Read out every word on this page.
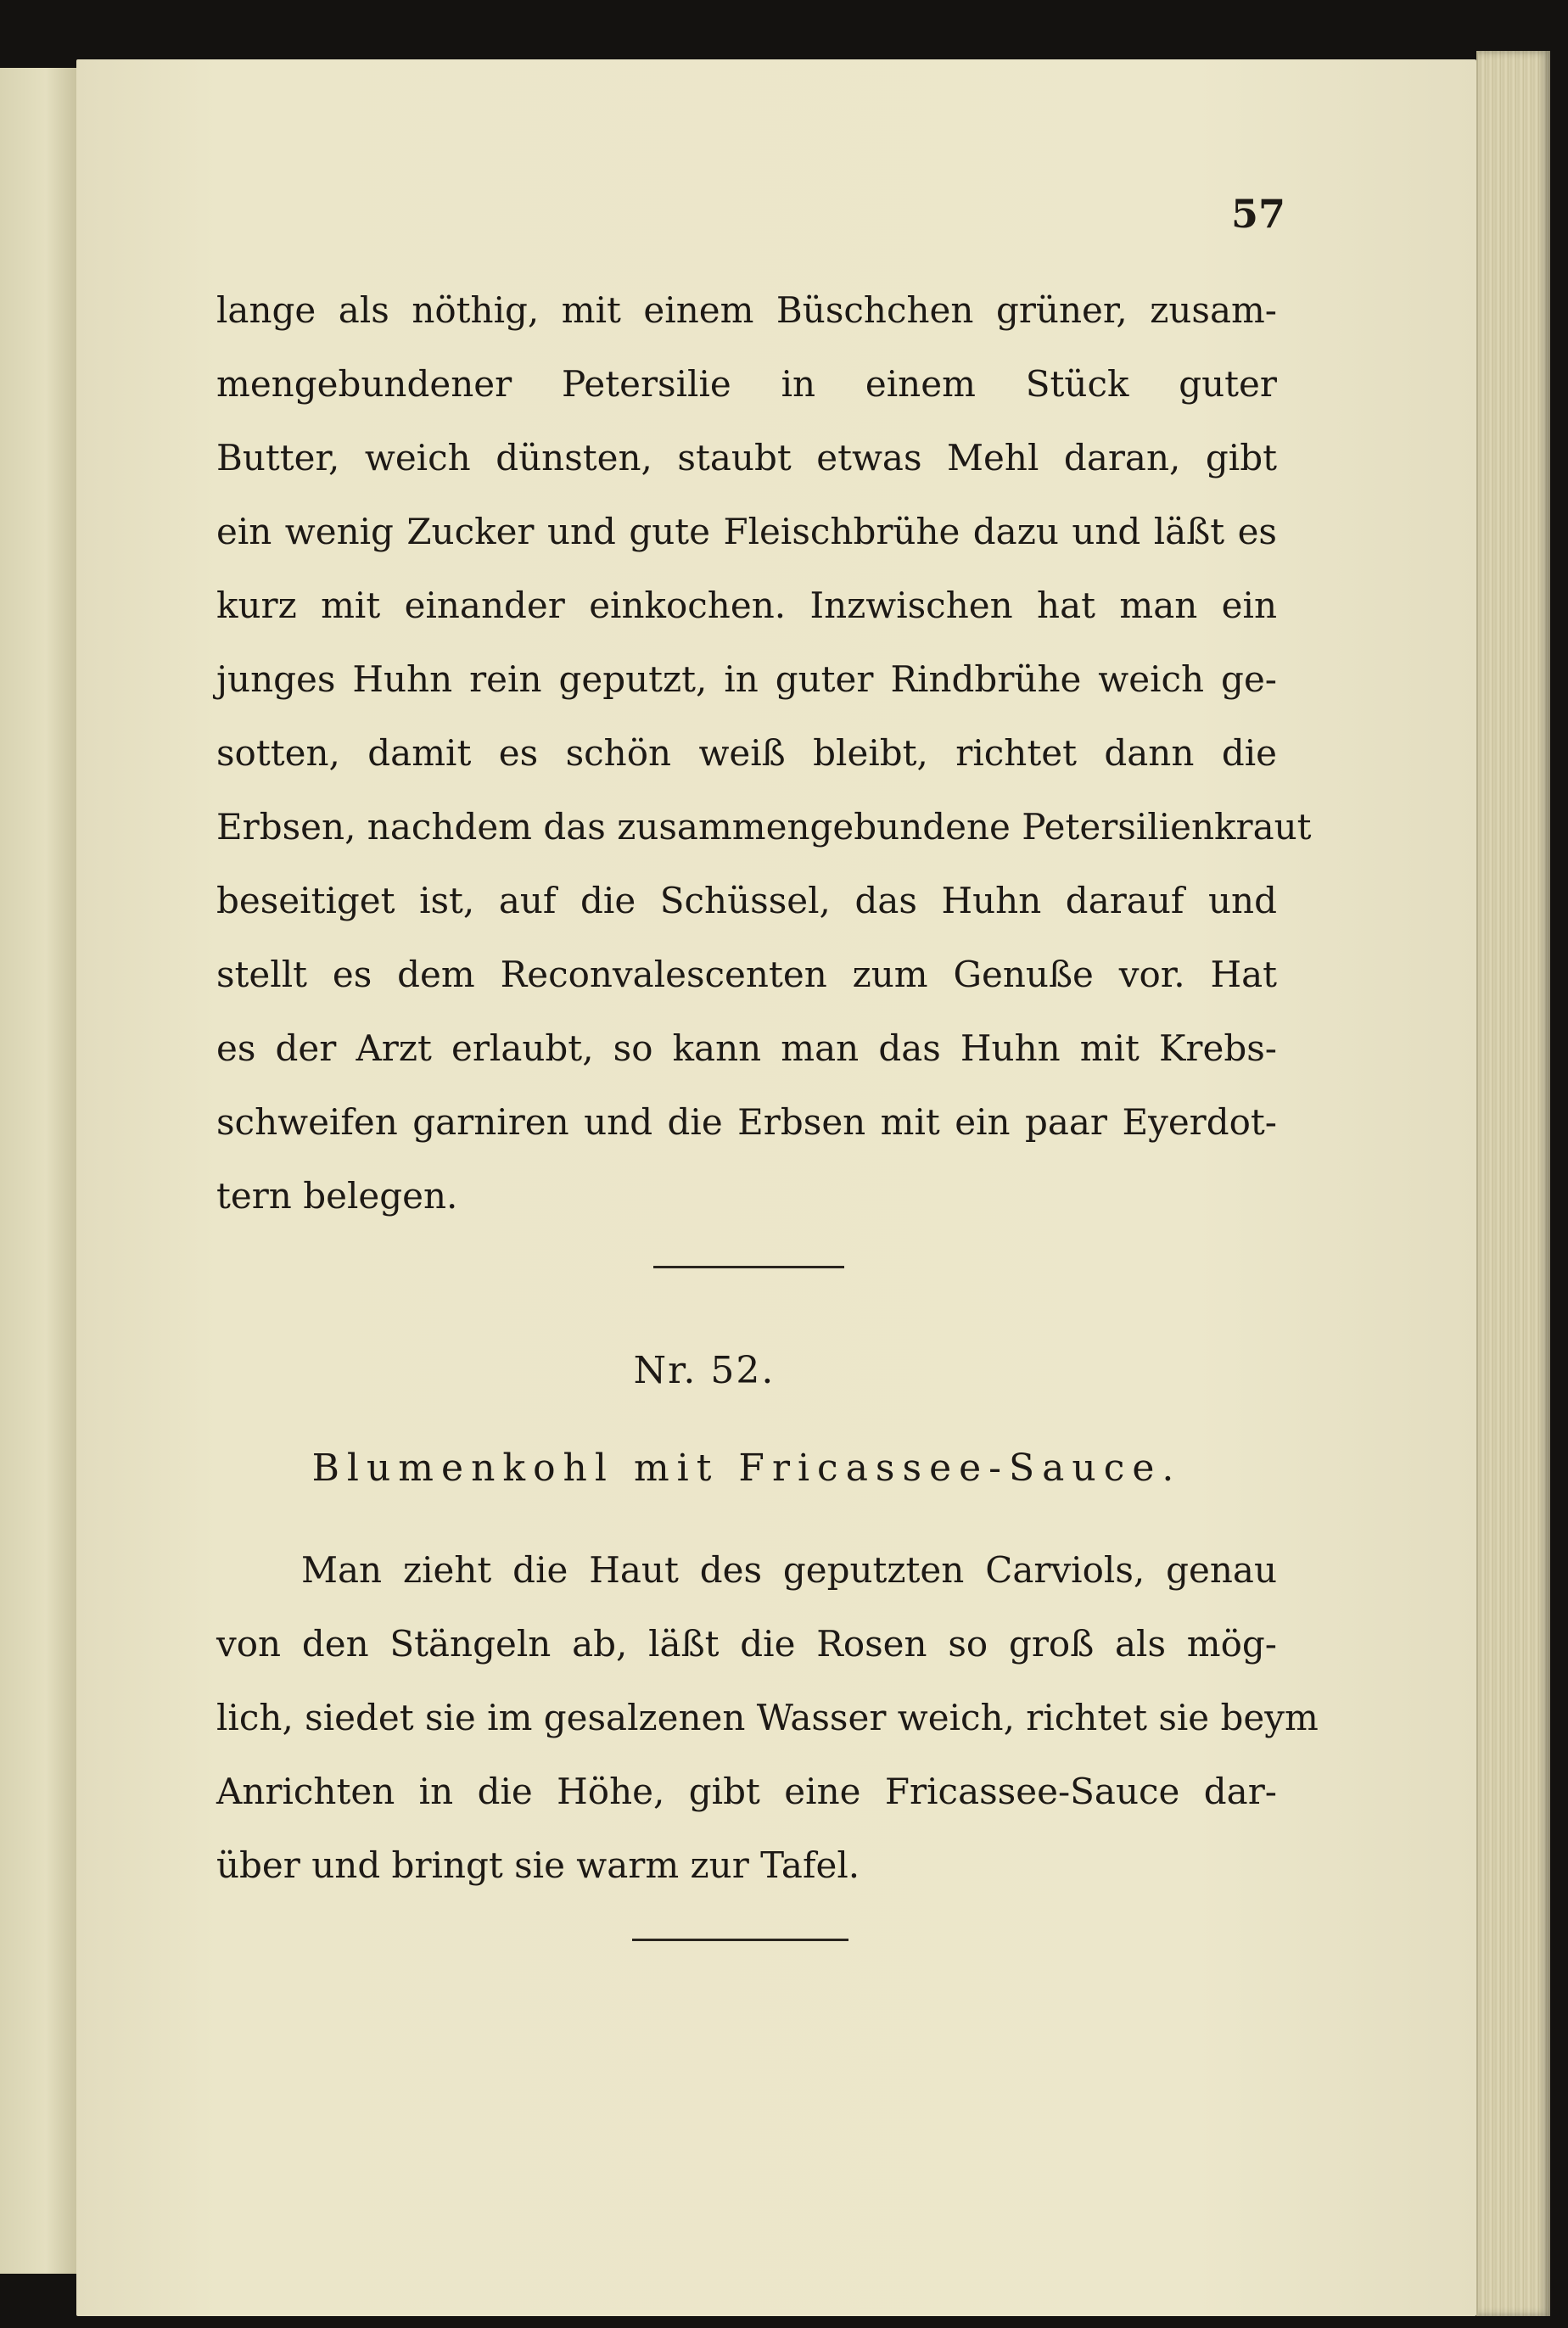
57
lange als nöthig, mit einem Büschchen grüner, zusam-
mengebundener Petersilie in einem Stück guter
Butter, weich dünsten, staubt etwas Mehl daran, gibt
ein wenig Zucker und gute Fleischbrühe dazu und läßt es
kurz mit einander einkochen. Inzwischen hat man ein
junges Huhn rein geputzt, in guter Rindbrühe weich ge-
sotten, damit es schön weiß bleibt, richtet dann die
Erbsen, nachdem das zusammengebundene Petersilienkraut
beseitiget ist, auf die Schüssel, das Huhn darauf und
stellt es dem Reconvalescenten zum Genuße vor. Hat
es der Arzt erlaubt, so kann man das Huhn mit Krebs-
schweifen garniren und die Erbsen mit ein paar Eyerdot-
tern belegen.
Nr. 52.
Blumenkohl mit Fricassee-Sauce.
Man zieht die Haut des geputzten Carviols, genau
von den Stängeln ab, läßt die Rosen so groß als mög-
lich, siedet sie im gesalzenen Wasser weich, richtet sie beym
Anrichten in die Höhe, gibt eine Fricassee-Sauce dar-
über und bringt sie warm zur Tafel.
